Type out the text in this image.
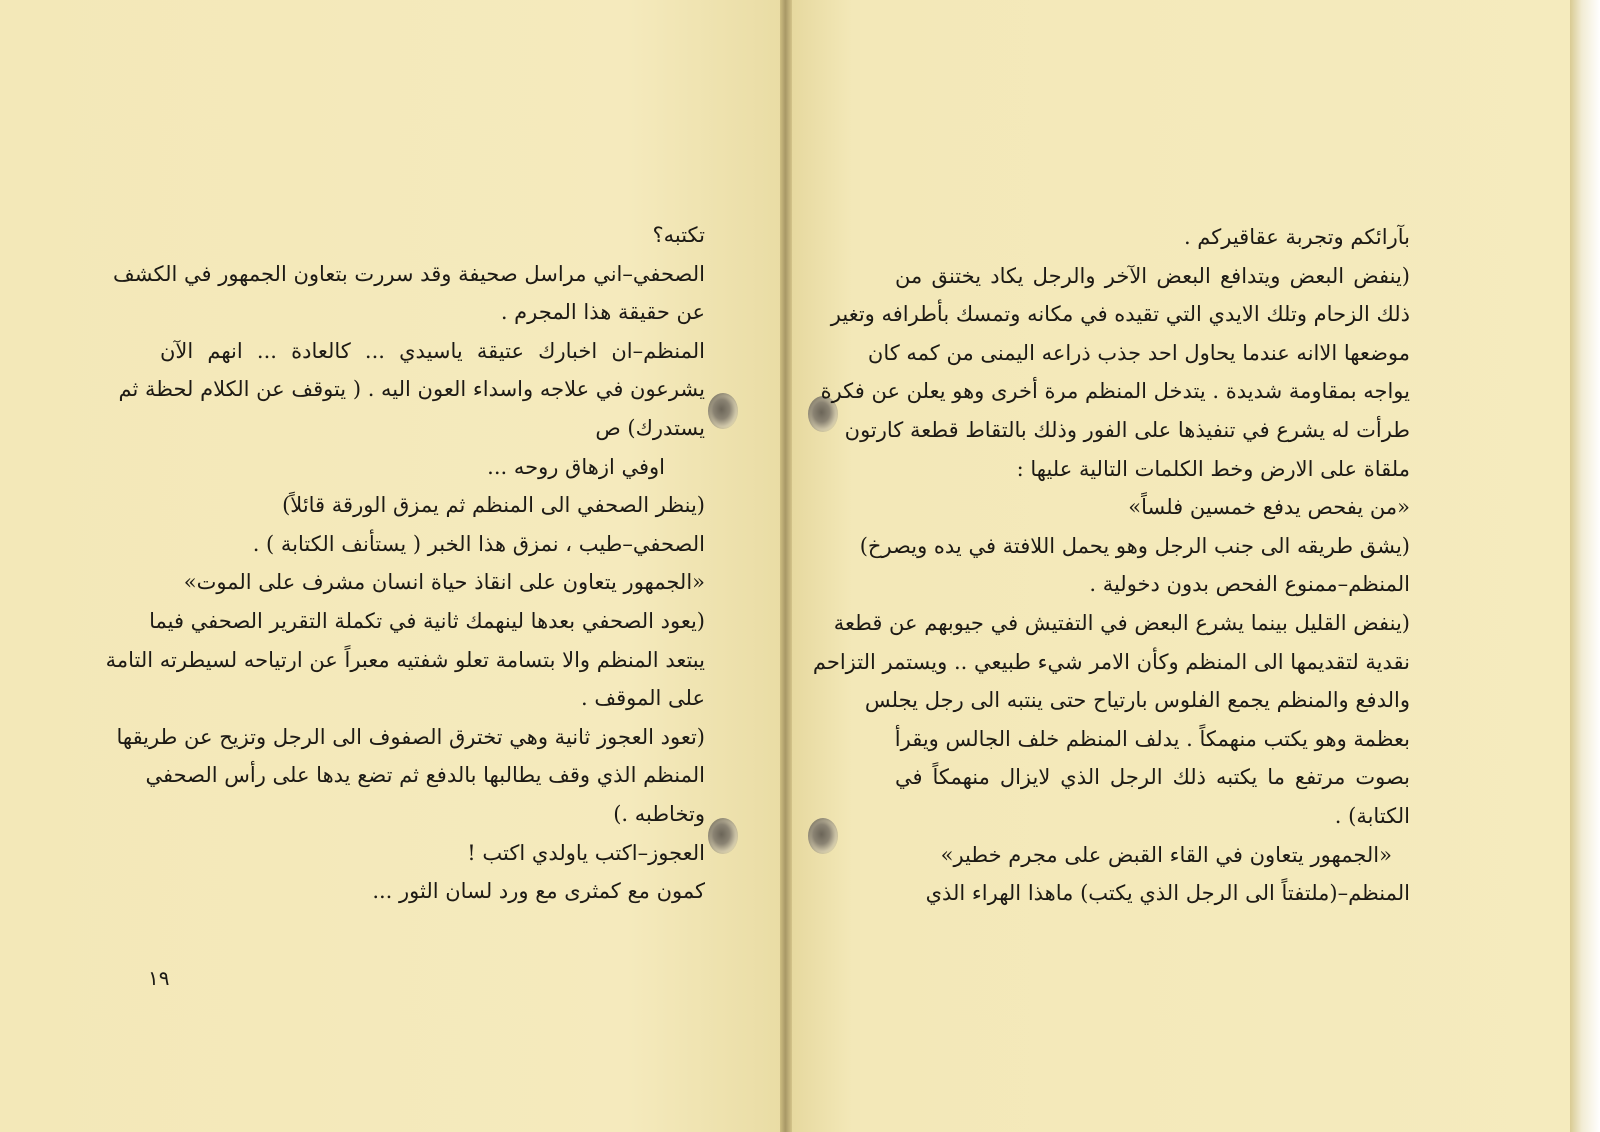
تكتبه؟
الصحفي–اني مراسل صحيفة وقد سررت بتعاون الجمهور في الكشف
عن حقيقة هذا المجرم .
المنظم–ان اخبارك عتيقة ياسيدي ... كالعادة ... انهم الآن
يشرعون في علاجه واسداء العون اليه . ( يتوقف عن الكلام لحظة ثم
يستدرك) ص
اوفي ازهاق روحه ...
(ينظر الصحفي الى المنظم ثم يمزق الورقة قائلاً)
الصحفي–طيب ، نمزق هذا الخبر ( يستأنف الكتابة ) .
«الجمهور يتعاون على انقاذ حياة انسان مشرف على الموت»
(يعود الصحفي بعدها لينهمك ثانية في تكملة التقرير الصحفي فيما
يبتعد المنظم والا بتسامة تعلو شفتيه معبراً عن ارتياحه لسيطرته التامة
على الموقف .
(تعود العجوز ثانية وهي تخترق الصفوف الى الرجل وتزيح عن طريقها
المنظم الذي وقف يطالبها بالدفع ثم تضع يدها على رأس الصحفي
وتخاطبه .)
العجوز–اكتب ياولدي اكتب !
كمون مع كمثرى مع ورد لسان الثور ...
١٩
بآرائكم وتجربة عقاقيركم .
(ينفض البعض ويتدافع البعض الآخر والرجل يكاد يختنق من
ذلك الزحام وتلك الايدي التي تقيده في مكانه وتمسك بأطرافه وتغير
موضعها الاانه عندما يحاول احد جذب ذراعه اليمنى من كمه كان
يواجه بمقاومة شديدة . يتدخل المنظم مرة أخرى وهو يعلن عن فكرة
طرأت له يشرع في تنفيذها على الفور وذلك بالتقاط قطعة كارتون
ملقاة على الارض وخط الكلمات التالية عليها :
«من يفحص يدفع خمسين فلساً»
(يشق طريقه الى جنب الرجل وهو يحمل اللافتة في يده ويصرخ)
المنظم–ممنوع الفحص بدون دخولية .
(ينفض القليل بينما يشرع البعض في التفتيش في جيوبهم عن قطعة
نقدية لتقديمها الى المنظم وكأن الامر شيء طبيعي .. ويستمر التزاحم
والدفع والمنظم يجمع الفلوس بارتياح حتى ينتبه الى رجل يجلس
بعظمة وهو يكتب منهمكاً . يدلف المنظم خلف الجالس ويقرأ
بصوت مرتفع ما يكتبه ذلك الرجل الذي لايزال منهمكاً في
الكتابة) .
«الجمهور يتعاون في القاء القبض على مجرم خطير»
المنظم–(ملتفتاً الى الرجل الذي يكتب) ماهذا الهراء الذي
